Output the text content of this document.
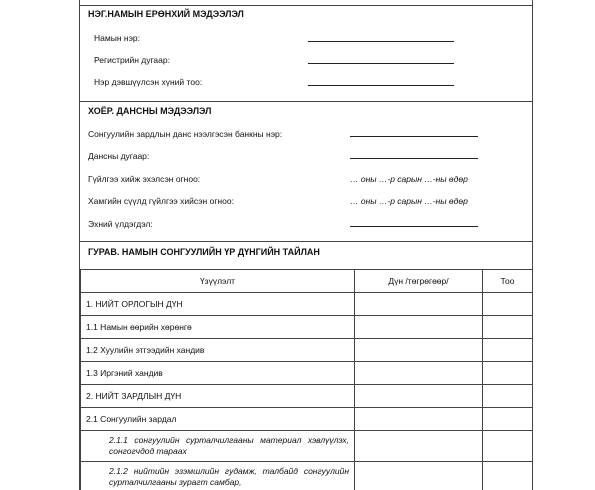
НЭГ.НАМЫН ЕРӨНХИЙ МЭДЭЭЛЭЛ
Намын нэр:
Регистрийн дугаар:
Нэр дэвшүүлсэн хүний тоо:
ХОЁР. ДАНСНЫ МЭДЭЭЛЭЛ
Сонгуулийн зардлын данс нээлгэсэн банкны нэр:
Дансны дугаар:
Гүйлгээ хийж эхэлсэн огноо:	… оны …-р сарын …-ны өдөр
Хамгийн сүүлд гүйлгээ хийсэн огноо:	… оны …-р сарын …-ны өдөр
Эхний үлдэгдэл:
ГУРАВ. НАМЫН СОНГУУЛИЙН ҮР ДҮНГИЙН ТАЙЛАН
Үзүүлэлт	Дүн /төгрөгөөр/	Тоо
1. НИЙТ ОРЛОГЫН ДҮН		
1.1 Намын өөрийн хөрөнгө		
1.2 Хуулийн этгээдийн хандив		
1.3 Иргэний хандив		
2. НИЙТ ЗАРДЛЫН ДҮН		
2.1 Сонгуулийн зардал		
2.1.1 сонгуулийн сурталчилгааны материал хэвлүүлэх, сонгогчдод тараах		
2.1.2 нийтийн эзэмшлийн гудамж, талбайд сонгуулийн сурталчилгааны зурагт самбар,		
